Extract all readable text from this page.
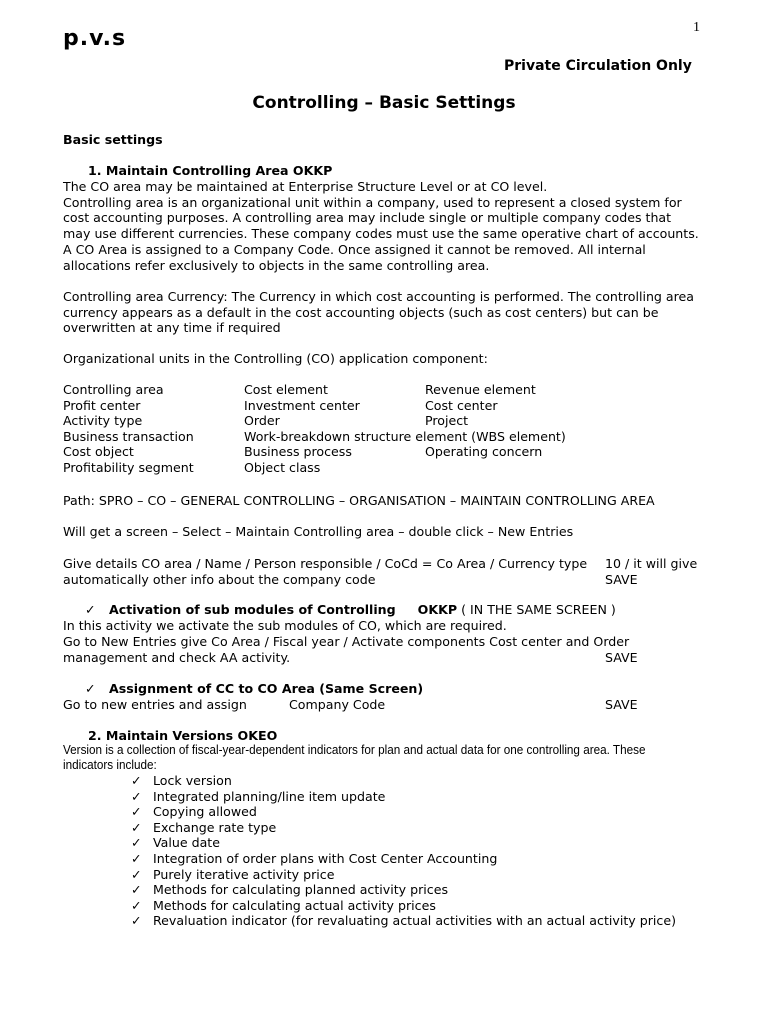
1
p.v.s
Private Circulation Only
Controlling – Basic Settings
Basic settings
1. Maintain Controlling Area OKKP
The CO area may be maintained at Enterprise Structure Level or at CO level.
Controlling area is an organizational unit within a company, used to represent a closed system for
cost accounting purposes. A controlling area may include single or multiple company codes that
may use different currencies. These company codes must use the same operative chart of accounts.
A CO Area is assigned to a Company Code. Once assigned it cannot be removed. All internal
allocations refer exclusively to objects in the same controlling area.
Controlling area Currency: The Currency in which cost accounting is performed. The controlling area
currency appears as a default in the cost accounting objects (such as cost centers) but can be
overwritten at any time if required
Organizational units in the Controlling (CO) application component:
Controlling area	Cost element	Revenue element
Profit center	Investment center	Cost center
Activity type	Order	Project
Business transaction	Work-breakdown structure element (WBS element)	
Cost object	Business process	Operating concern
Profitability segment	Object class	
Path: SPRO – CO – GENERAL CONTROLLING – ORGANISATION – MAINTAIN CONTROLLING AREA
Will get a screen – Select – Maintain Controlling area – double click – New Entries
Give details CO area / Name / Person responsible / CoCd = Co Area / Currency type 10 / it will give
automatically other info about the company code	SAVE
✓ Activation of sub modules of Controlling OKKP ( IN THE SAME SCREEN )
In this activity we activate the sub modules of CO, which are required.
Go to New Entries give Co Area / Fiscal year / Activate components Cost center and Order
management and check AA activity.	SAVE
✓ Assignment of CC to CO Area (Same Screen)
Go to new entries and assign	Company Code	SAVE
2. Maintain Versions OKEO
Version is a collection of fiscal-year-dependent indicators for plan and actual data for one controlling area. These indicators include:
✓ Lock version
✓ Integrated planning/line item update
✓ Copying allowed
✓ Exchange rate type
✓ Value date
✓ Integration of order plans with Cost Center Accounting
✓ Purely iterative activity price
✓ Methods for calculating planned activity prices
✓ Methods for calculating actual activity prices
✓ Revaluation indicator (for revaluating actual activities with an actual activity price)
